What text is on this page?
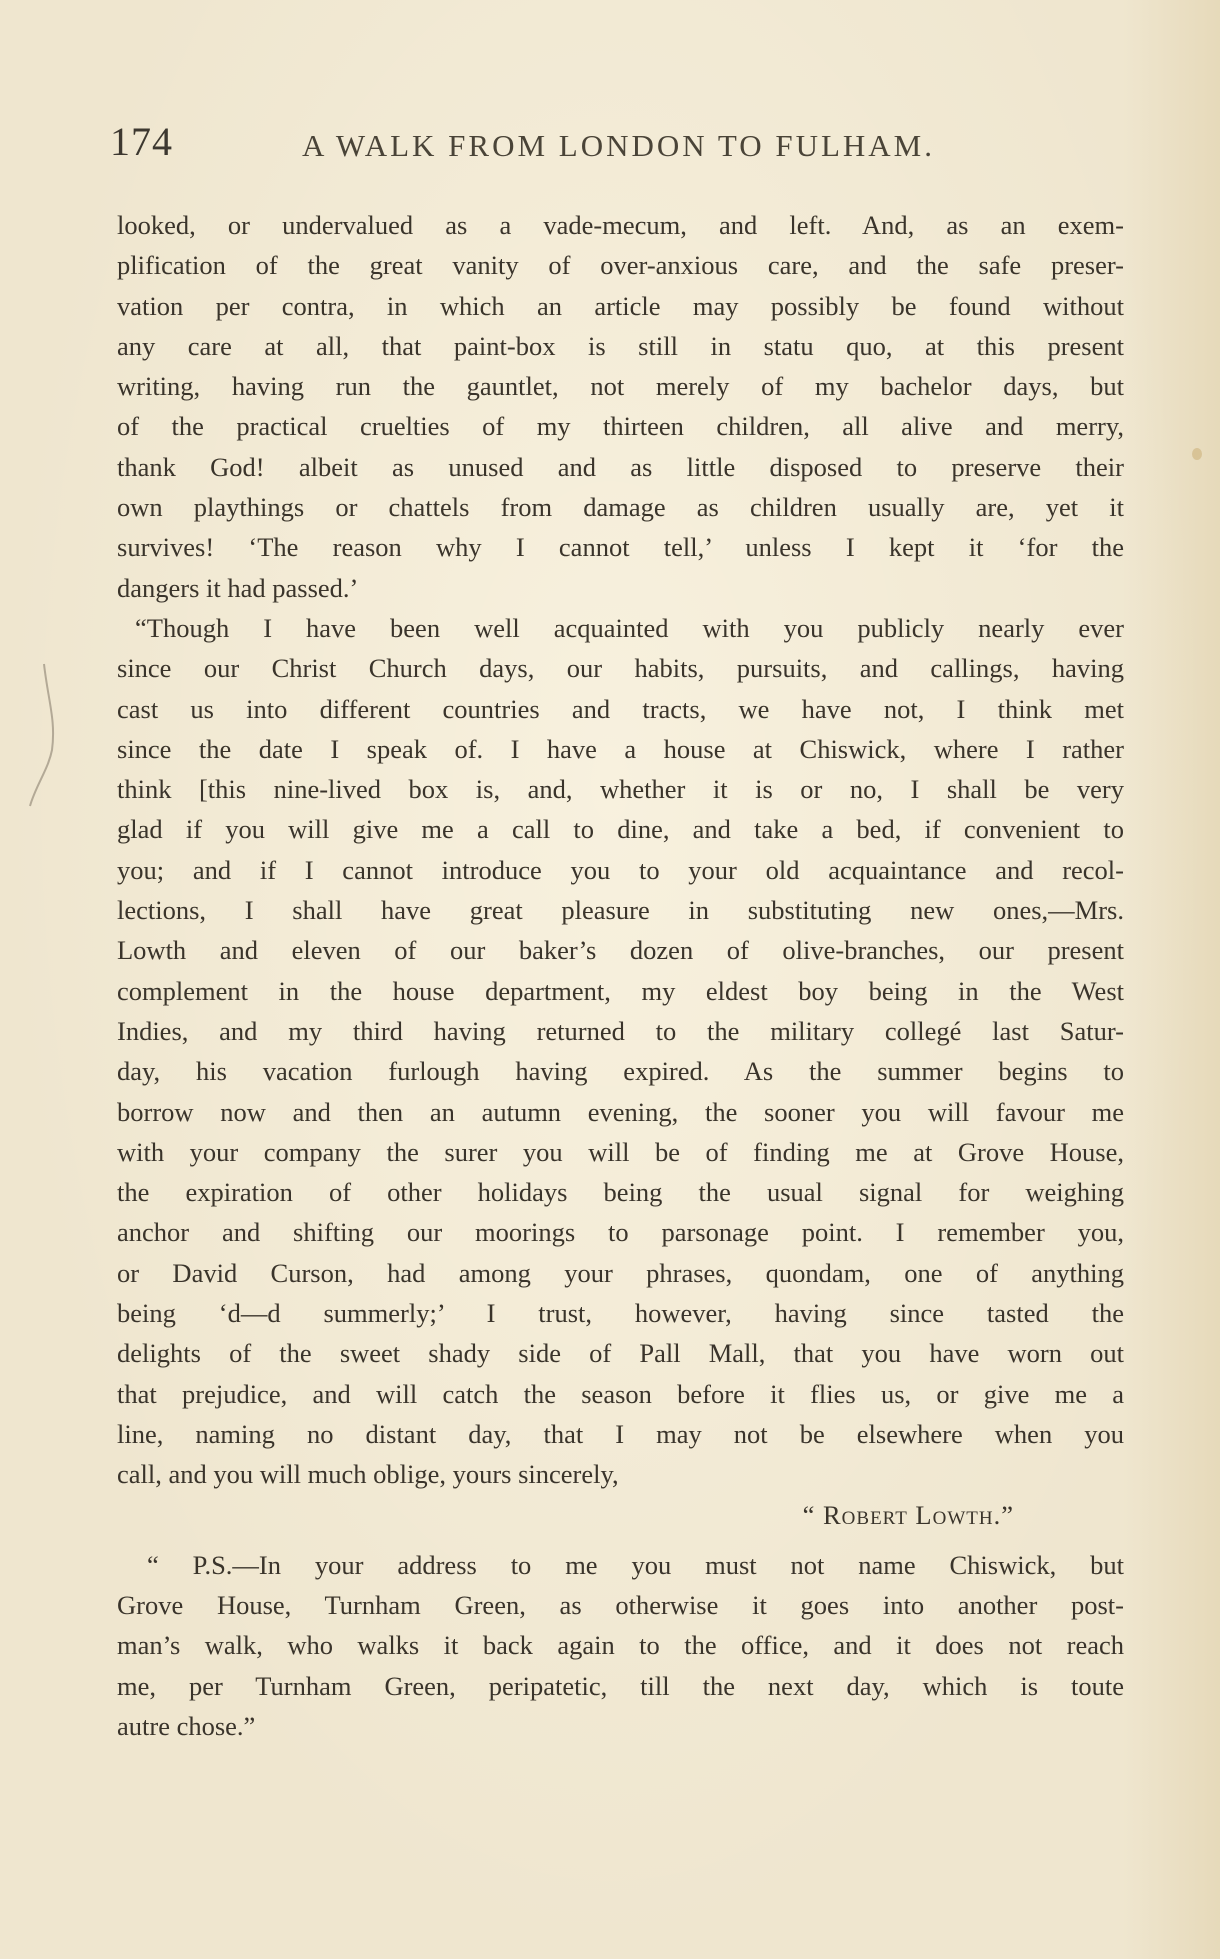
174	A WALK FROM LONDON TO FULHAM.
looked, or undervalued as a vade-mecum, and left. And, as an exem-
plification of the great vanity of over-anxious care, and the safe preser-
vation per contra, in which an article may possibly be found without
any care at all, that paint-box is still in statu quo, at this present
writing, having run the gauntlet, not merely of my bachelor days, but
of the practical cruelties of my thirteen children, all alive and merry,
thank God! albeit as unused and as little disposed to preserve their
own playthings or chattels from damage as children usually are, yet it
survives! ‘The reason why I cannot tell,’ unless I kept it ‘for the
dangers it had passed.’
“Though I have been well acquainted with you publicly nearly ever
since our Christ Church days, our habits, pursuits, and callings, having
cast us into different countries and tracts, we have not, I think met
since the date I speak of. I have a house at Chiswick, where I rather
think [this nine-lived box is, and, whether it is or no, I shall be very
glad if you will give me a call to dine, and take a bed, if convenient to
you; and if I cannot introduce you to your old acquaintance and recol-
lections, I shall have great pleasure in substituting new ones,—Mrs.
Lowth and eleven of our baker’s dozen of olive-branches, our present
complement in the house department, my eldest boy being in the West
Indies, and my third having returned to the military collegé last Satur-
day, his vacation furlough having expired. As the summer begins to
borrow now and then an autumn evening, the sooner you will favour me
with your company the surer you will be of finding me at Grove House,
the expiration of other holidays being the usual signal for weighing
anchor and shifting our moorings to parsonage point. I remember you,
or David Curson, had among your phrases, quondam, one of anything
being ‘d—d summerly;’ I trust, however, having since tasted the
delights of the sweet shady side of Pall Mall, that you have worn out
that prejudice, and will catch the season before it flies us, or give me a
line, naming no distant day, that I may not be elsewhere when you
call, and you will much oblige, yours sincerely,
“ Robert Lowth.”
“ P.S.—In your address to me you must not name Chiswick, but
Grove House, Turnham Green, as otherwise it goes into another post-
man’s walk, who walks it back again to the office, and it does not reach
me, per Turnham Green, peripatetic, till the next day, which is toute
autre chose.”
